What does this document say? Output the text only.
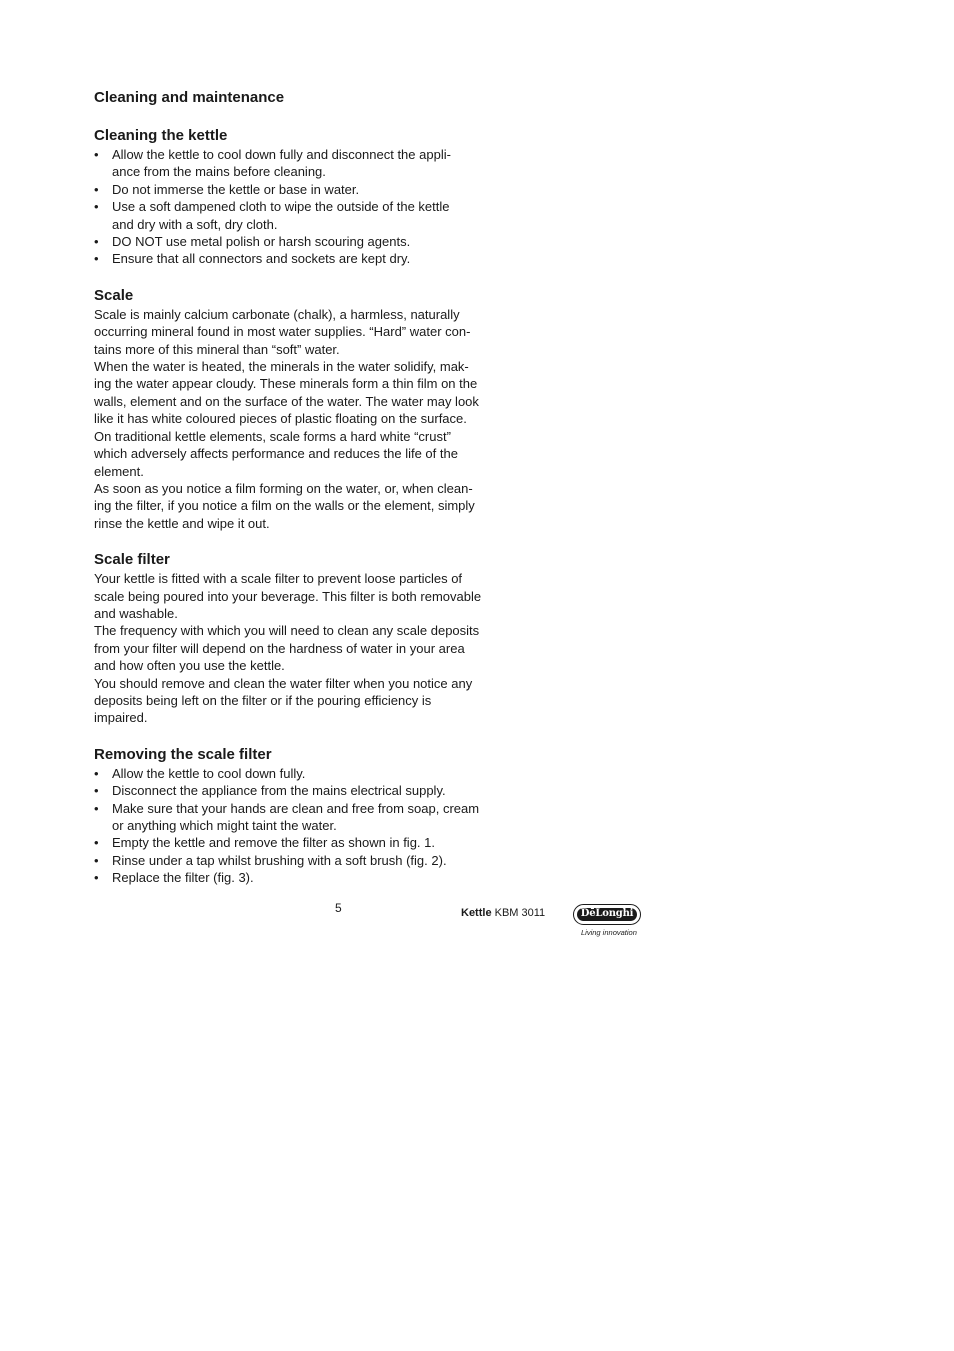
Cleaning and maintenance
Cleaning the kettle
• Allow the kettle to cool down fully and disconnect the appli-
ance from the mains before cleaning.
• Do not immerse the kettle or base in water.
• Use a soft dampened cloth to wipe the outside of the kettle
and dry with a soft, dry cloth.
• DO NOT use metal polish or harsh scouring agents.
• Ensure that all connectors and sockets are kept dry.
Scale

Scale is mainly calcium carbonate (chalk), a harmless, naturally
occurring mineral found in most water supplies. “Hard” water con-
tains more of this mineral than “soft” water.

When the water is heated, the minerals in the water solidify, mak-
ing the water appear cloudy. These minerals form a thin film on the
walls, element and on the surface of the water. The water may look
like it has white coloured pieces of plastic floating on the surface.

On traditional kettle elements, scale forms a hard white “crust”
which adversely affects performance and reduces the life of the
element.

As soon as you notice a film forming on the water, or, when clean-
ing the filter, if you notice a film on the walls or the element, simply
rinse the kettle and wipe it out.

Scale filter

Your kettle is fitted with a scale filter to prevent loose particles of
scale being poured into your beverage. This filter is both removable
and washable.

The frequency with which you will need to clean any scale deposits
from your filter will depend on the hardness of water in your area
and how often you use the kettle.

You should remove and clean the water filter when you notice any
deposits being left on the filter or if the pouring efficiency is
impaired.

Removing the scale filter
• Allow the kettle to cool down fully.
• Disconnect the appliance from the mains electrical supply.
• Make sure that your hands are clean and free from soap, cream
or anything which might taint the water.
• Empty the kettle and remove the filter as shown in fig. 1.
• Rinse under a tap whilst brushing with a soft brush (fig. 2).
• Replace the filter (fig. 3).
5	Kettle KBM 3011	DēLonghi
Living innovation
